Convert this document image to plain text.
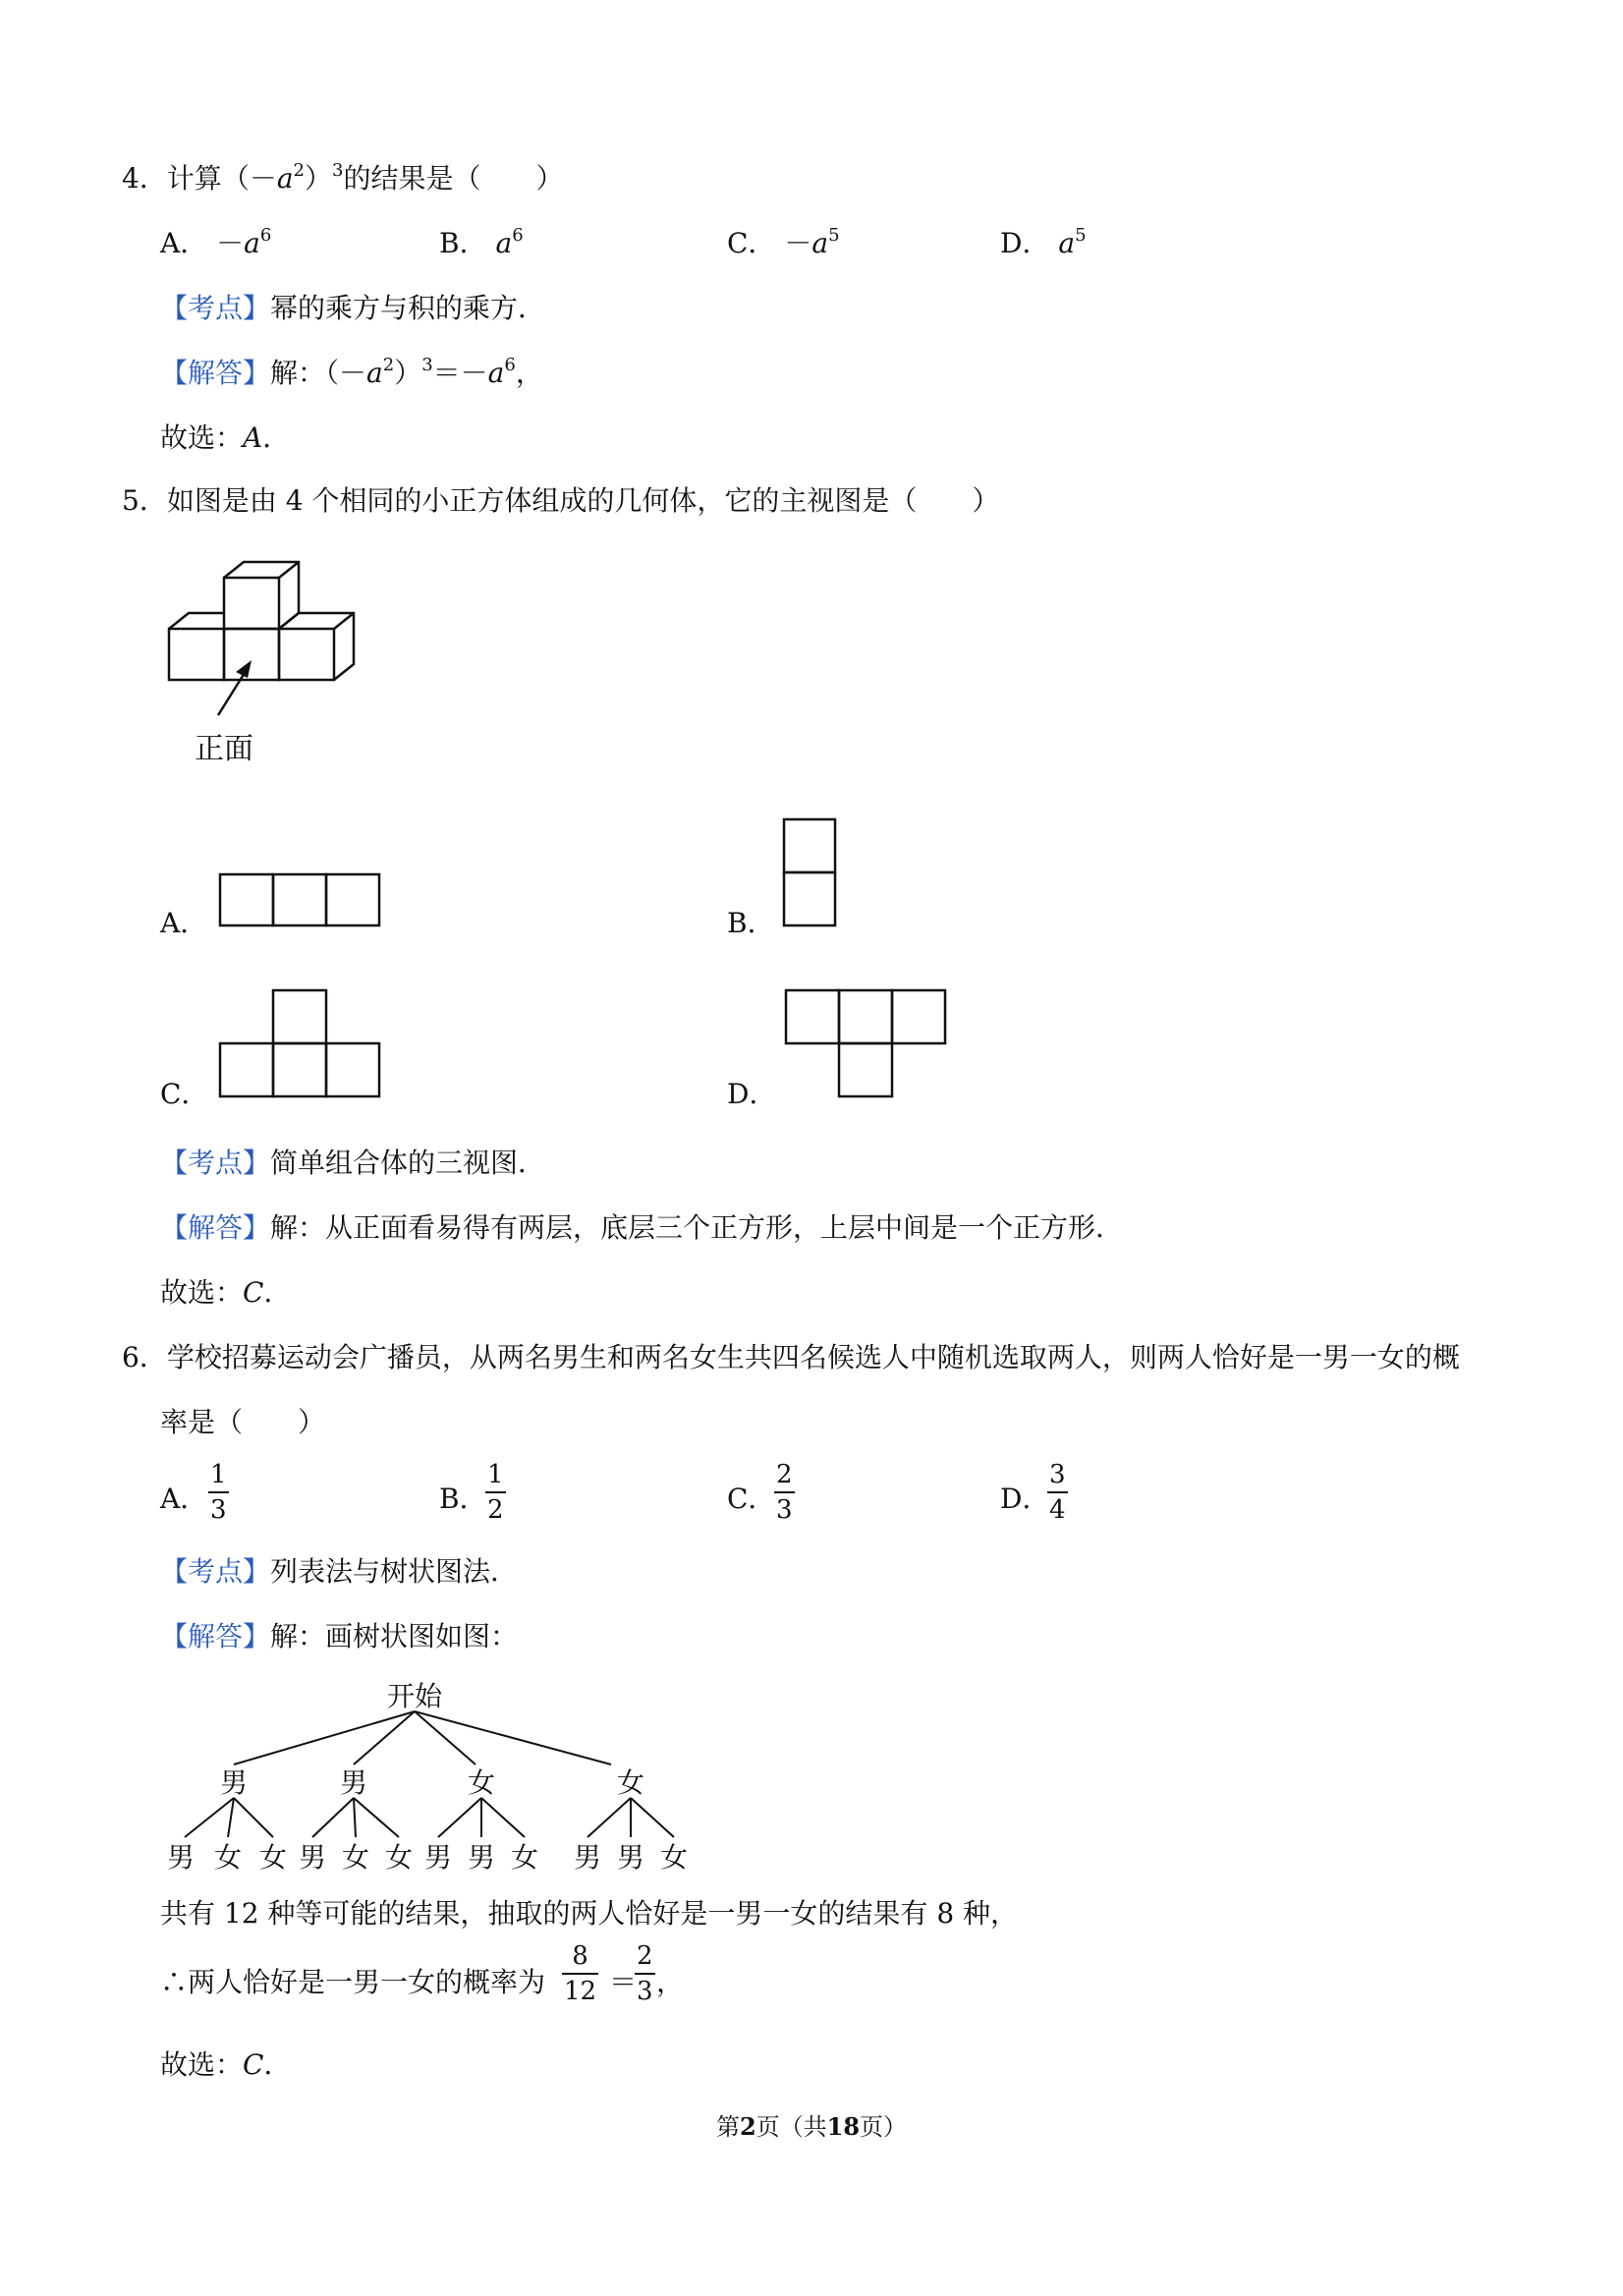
4．计算$(-a^2)^3$的结果是（　　）
A． $-a^6$	B． $a^6$	C． $-a^5$	D． $a^5$
【考点】幂的乘方与积的乘方．
【解答】解：$(-a^2)^3=-a^6$，
故选：A．
5．如图是由 4 个相同的小正方体组成的几何体，它的主视图是（　　）
正面
A．	B．
C．	D．
【考点】简单组合体的三视图．
【解答】解：从正面看易得有两层，底层三个正方形，上层中间是一个正方形．
故选：C．
6．学校招募运动会广播员，从两名男生和两名女生共四名候选人中随机选取两人，则两人恰好是一男一女的概
率是（　　）
A．
1
3	B．
1
2	C．
2
3	D．
3
4
【考点】列表法与树状图法．
【解答】解：画树状图如图：
开始
男	男	女	女
男 女 女 男 女 女 男 男 女 男 男 女
共有 12 种等可能的结果，抽取的两人恰好是一男一女的结果有 8 种，
∴两人恰好是一男一女的概率为
8
12 ＝
2
3 ，
故选：C．
第2页（共18页）
